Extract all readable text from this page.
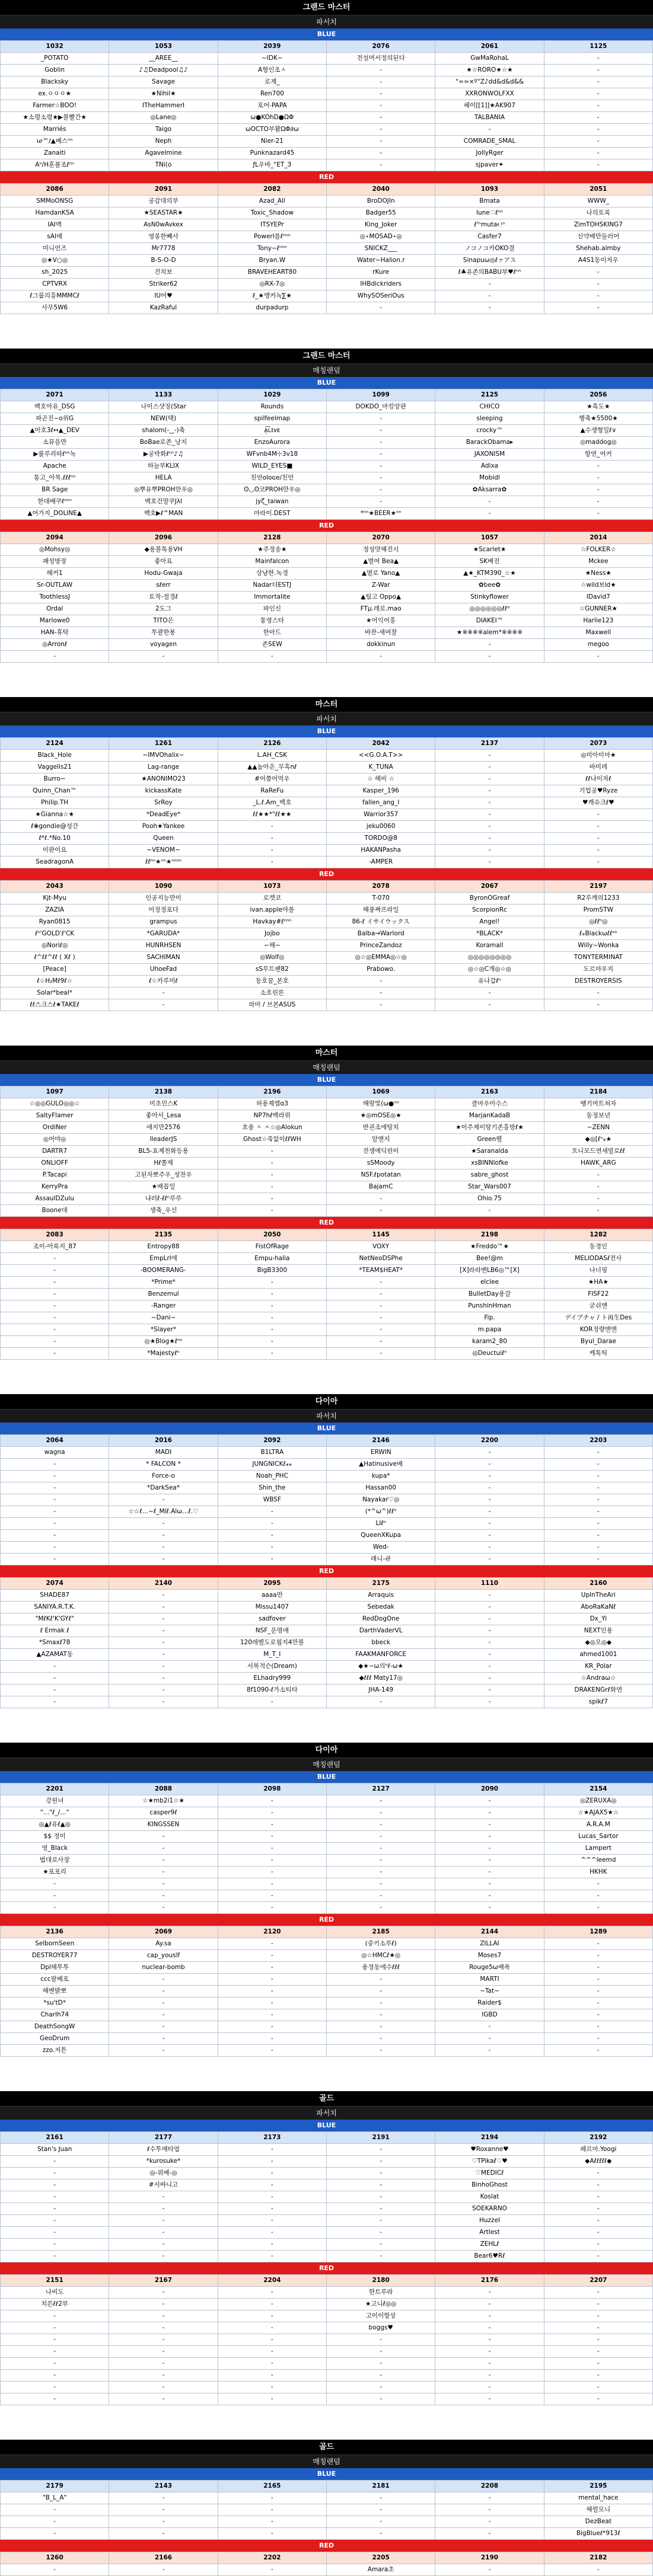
그랜드 마스터
파서치
BLUE
1032	1053	2039	2076	2061	1125
_POTATO	__AREE__	~IDK~	전설머서정의된다	GwMaRohaL	-
Goblin	♪♫Deadpool♫♪	A형인조ㅅ	-	★☆RORO★☆★	-
Blacksky	Savage	로제_	-	°≈≈×º°Z♪dd&d&d&&	-
ex.ㅇㅇㅇ★	★Nihil★	Ren700	-	XXRONWOLFXX	-
Farmer☆BOO!	ITheHammerI	포어-PAPA	-	헤이[[1]]★AK907	-
★소령소령★▶볼빨간★	◎Lane◎	ω●KOhD●ΩΦ	-	TALBANIA	-
Marriés	Taigo	ωOCTO부활ΩΦ∂ω	-	-	-
ιℯ™/▲베스ⁿⁿ	Neph	Nier-21	-	COMRADE_SMAL	-
Zanaiti	Agavelmine	Punknazard45	-	JollyRger	-
Aⁿ/H훈봄조ℓⁿⁿ	TNi(o	ƒL우바_"ET_З	-	sjpaver✦	-
RED
2086	2091	2082	2040	1093	2051
SMMoONSG	공감대의부	Azad_All	BroDOJIn	Bmata	WWW_
HamdanKSA	★SEASTAR★	Toxic_Shadow	Badger55	lune♡ℓⁿⁿ	나의토록
IAI맥	AsN0wAvkex	ITSYEPr	King_Joker	ℓ'ⁿmuta℮ⁿ	ZimTOHSKING7
sAl메	영롱한빼사	Powerl를ℓⁿⁿⁿ	◎⋆MOSAD⋆◎	Casfer7	신약배만들러어
미니언즈	Mr7778	Tony~ℓⁿⁿⁿ	SNICKZ___	ノコノコ카OKO결	Shehab.almby
◎★V○◎	B-S-O-D	Bryan.W	Water~Halion.r	Sinapuω◎ℓァアス	A4S1동이저우
sh_2025	건치보	BRAVEHEART80	rKure	ℓ♣유존의BABU부♥ℓⁿⁿ	-
CPTVRX	Striker62	◎RX-7◎	IHBdickriders	-	-
ℓ그룹의흥MMMCℓ	IU어♥	ℓ_★앵커녹∑★	WhySOSeriOus	-	-
사무5W6	KazRaful	durpadurp	-	-	-
그랜드 마스터
매칭랜덤
BLUE
2071	1133	1029	1099	2125	2056
백호아유_DSG	나이스샷징(Star	Rounds	DOKDO_마킹앙판	CHICO	★흑도★
파곤진~o위G	NEW(택)	spilfeelmap	-	sleeping	행축★5500★
▲아호3ℓ↔▲_DEV	shalom(-‿-)축	ᴀ̤͡ʟɪᴠᴇ	-	crocky™	▲수생형일ℓ∨
소뮤을만	BoBae로존_낭지	EnzoAurora	-	BarackObama▸	◎maddog◎
▶룰루리따ℓⁿⁿ녹	▶공박화ℓⁿⁿ♪♫	WFvnb4M⊹3v18	-	JAXONISM	항연_어커
Apache	하늘부KLIX	WILD_EYES■	-	Adixa	-
통고_아목.ℓℓℓⁿⁿ	HELA	친언oloɢe/친언	-	Mobidl	-
BR Sage	◎뿌유뿌PROH만우◎	ʘ◡ʘ코PROH만우◎	-	✿Aksarra✿	-
한대배쿠ℓⁿⁿⁿ	백호건말쿠Jλl	jyζ_taiwan	-	-	-
▲어가지_DOLINE▲	백호▶ℓ^MAN	마라이.DEST	*ⁿⁿ★BEER★ⁿⁿ	-	-
RED
2094	2096	2128	2070	1057	2014
◎Mohsy◎	◆용볼톡용VH	★주정송★	정성맛해진시	★Scarlet★	☆FOLKER☆
패성방장	좋아요	Mainfalcon	▲벌여 Bea▲	SK베진	Mckee
해커1	Hodu-Gwaja	상냥한.녹경	▲벌로 Yano▲	▲★_KTM390_☆★	★Ness★
Sr-OUTLAW	sℓerr	Nadar더ESTJ	Z-War	✿bee✿	☆wild보ld★
ToothlessJ	토착-절경ℓ	Immortalite	▲팀고 Oppo▲	Stinkyflower	IDavid7
Ordal	2도그	파인신	FTμ.래로.mao	◎◎◎◎◎◎ℓℓⁿ	☆GUNNER★
Marlowe0	TITO은	통영스타	★어익어홍	DIAKEI™	Harlie123
HAN-휴탁	투괄한봉	한마드	바찬-새여잘	★※※※※alem*※※※※	Maxwell
◎Arronℓ	voyagen	존SEW	dokkinun	-	megoo
-	-	-	-	-	-
마스터
파서치
BLUE
2124	1261	2126	2042	2137	2073
Black_Hole	~IMVOhalix~	L.AH_CSK	<<G.O.A.T>>	-	◎미아이마★
Vaggelis21	Lag-range	▲▲높아온_무흑nℓ	K_TUNA	-	바미레
Burro~	★ANONIMO23	#어쯤어먹우	☆ 해비 ☆	-	ℓℓ나이자ℓ
Quinn_Chan™	kickassKate	RaReFu	Kasper_196	-	기업공♥Ryze
Philip.TH	SrRoy	_L.ℓ.Am_백호	fallen_ang_l	-	♥캐슈크ℓ♥
★Gianna☆★	*DeadEye*	ℓℓ★★*"ℓℓ★★	Warrior357	-	-
ℓ❀gondie@성간	Pooh★Yankee	-	jeku0060	-	-
ℓ*ℓ.*No.10	Queen	-	TORDO@8	-	-
이판이요	~VENOM~	-	HAKANPasha	-	-
SeadragonA	ℓℓⁿⁿ★ⁿⁿ★ⁿⁿⁿⁿ	-	-AMPER	-	-
RED
2043	1090	1073	2078	2067	2197
Kjt-Myu	인공지능만이	로켓코	T-070	ByronOGreaf	R2루깨의1233
ZAZIA	어정정포다	ivan.apple야몰	해풍쨔프라일	ScorpionRc	PromSTW
Ryan0815	grampus	Havkay#ℓⁿⁿⁿ	86-ℓ イサイウックス	Angel!	◎ℓℓⁿ◎
ℓⁿ'GOLD'ℓ'CK	*GARUDA*	Jojbo	Balba→Warlord	*BLACK*	ℓ⁎Blackωℓℓⁿⁿ
◎Noriℓ◎	HUNRHSEN	~해~	PrinceZandoz	Koramall	Willy~Wonka
ℓ^ℓℓ^ℓℓ ( Xℓ )	SACHIMAN	◎Wolf◎	◎☆◎EMMA◎☆◎	◎◎◎◎◎◎◎◎	TONYTERMINAT
[Peace]	UhoeFad	sS루트팬82	Prabowo.	◎☆◎C개◎☆◎	도르마우지
ℓ☆H₂Mℓ9ℓ☆	ℓ☆카루미ℓ	동호꿈_본호	-	유나갑ℓⁿ	DESTROYERSIS
Solar*beal*	-	소호린론	-	-	-
ℓℓ스크스ℓ★TAKEℓ	-	라마 / 브본ASUS	-	-	-
마스터
매칭랜덤
BLUE
1097	2138	2196	1069	2163	2184
☆◎◎GULO◎◎☆	미초민스K	허용제엠ɑ3	해랑빛(ω●ⁿⁿ	클마우아수스	뗑기머트쳐자
SaltyFlamer	좋아서_Lesa	NP7hℓ백라위	★◎mOSE◎★	MarjanKadaB	동정보년
OrdiNer	애지만2576	호용 ㅅ ㅅ☆◎Alokun	반권조에탕치	★이주제이탕기존홍방ℓ★	~ZENN
◎어야◎	lleaderJS	Ghost☆죽없이ℓℓWH	알엔지	Green펠	◆◎[ℓⁿ⁎★
DARTR7	BL5-효제천화등용	-	전생에딕린이	★Saranalda	흐니모드연새빌로ℓℓ
ONLIOFF	Hℓ쫄제	-	sSMoody	xsBlNNlofke	HAWK_ARG
P.Tacapi	고된자뽀주우_성찬우	-	NSF.ℓpotatan	sabre_ghost	-
KerryPra	★배꼽일	-	BajamC	Star_Wars007	-
AssaulDZulu	냐러ℓ-ℓℓⁿ루루	-	-	Ohio.75	-
Boone대	생축_우신	-	-	-	-
RED
2083	2135	2050	1145	2198	1282
조이-아록지_87	Entropy88	FistOfRage	VOXY	★Freddo™★	동경인
-	EmpLrl에	Empu-halia	NetNeoDSPhe	Bee!@m	MELIODASℓ전사
-	-BOOMERANG-	BigB3300	*TEAM$HEAT*	[X]라라멘LB6◎™[X]	나너핑
-	*Prime*	-	-	elclee	★HA★
-	Benzemul	-	-	BulletDay용갈	FISF22
-	-Ranger	-	-	PunshinHman	굳쉬맨
-	~Dani~	-	-	Fip.	デイプチャ / ト再生Des
-	*Slayer*	-	-	m.papa	KOR정량엔엔
-	◎★Blog★ℓⁿⁿ	-	-	karam2_80	Byul_Darae
-	*Majestyℓⁿ	-	-	◎Deuctuiℓⁿ	케톡틱
다이아
파서치
BLUE
2064	2016	2092	2146	2200	2203
wagna	MADI	B1LTRA	ERWIN	-	-
-	* FALCON *	JUNGNICKℓ⁎⁎	▲Hatinusive배	-	-
-	Force-o	Noah_PHC	kupa*	-	-
-	*DarkSea*	Shin_the	Hassan00	-	-
-	-	WBSF	Nayakar♡◎	-	-
-	☆☆ℓ…~ℓ_Mlℓ.Alω…ℓ.♡	-	(*^ω^)ℓℓⁿ	-	-
-	-	-	LIℓⁿ	-	-
-	-	-	QueenXKupa	-	-
-	-	-	Wed-	-	-
-	-	-	래니-큐	-	-
RED
2074	2140	2095	2175	1110	2160
SHADE87	-	aaaa만	Arraquis	-	UpInTheAri
SANIYA.R.T.K.	-	Missu1407	Sebedak	-	AboRaKaNℓ
"MℓKℓ'K'GYℓ"	-	sadfover	RedDogOne	-	Dx_Yi
ℓ Ermak ℓ	-	NSF_운명애	DarthVaderVL	-	NEXT인용
*Smaxℓ78	-	120레벨도로월지4만볼	bbeck	-	◆◎오◎◆
▲AZAMAT동	-	M_T_I	FAAKMANFORCE	-	ahmed1001
-	-	서북적슨(Dream)	◆★~ω의ⁿℓ-ω★	-	KR_Polar
-	-	ELhadry999	◆ℓℓℓ Mαty17◎	-	☆Andraω☆
-	-	8f1090-ℓ가소티타	JHA-149	-	DRAKENGrℓ화연
-	-	-	-	-	spikℓ7
다이아
매칭랜덤
BLUE
2201	2088	2098	2127	2090	2154
강원녀	☆★mb2i1☆★	-	-	-	◎ZERUXA◎
"…"ℓ_/…"	casper9ℓ	-	-	-	☆★AJAX5★☆
◎▲ℓ유ℓ▲◎	KINGSSEN	-	-	-	A.R.A.M
$$ 정이	-	-	-	-	Lucas_Sartor
영_Black	-	-	-	-	Lampert
법대로사장	-	-	-	-	^^^leemd
★포포리	-	-	-	-	HKHK
-	-	-	-	-	-
-	-	-	-	-	-
-	-	-	-	-	-
RED
2136	2069	2120	2185	2144	1289
SelbornSeen	Ay.sa	-	(중키소루ℓ)	ZILLAI	-
DESTROYER77	cap_youslf	-	◎☆HMCℓ★◎	Moses7	-
Dpl해투투	nuclear-bomb	-	용정동에수ℓℓℓ	Rouge5ω배폭	-
ccc팔베포	-	-	-	MARTI	-
해벤밝뽀	-	-	-	~Tat~	-
*su'tD*	-	-	-	Raider$	-
Charlh74	-	-	-	IGBD	-
DeathSongW	-	-	-	-	-
GeoDrum	-	-	-	-	-
zzo.저튼	-	-	-	-	-
골드
파서치
BLUE
2161	2177	2173	2191	2194	2192
Stan's Juan	ℓ수투매타엽	-	-	♥Roxanne♥	페르마.Yoogi
-	*kurosuke*	-	-	♡TPikaℓ♡♥	◆Aℓℓℓℓℓ◆
-	◎-위베-◎	-	-	♡MEDICℓ	-
-	#서바니고	-	-	BinhoGhost	-
-	-	-	-	Koslat	-
-	-	-	-	SOEKARNO	-
-	-	-	-	Huzzel	-
-	-	-	-	Artlest	-
-	-	-	-	ZEHLℓ	-
-	-	-	-	Bear6♥Rℓ	-
RED
2151	2167	2204	2180	2176	2207
나비도	-	-	한트루라	-	-
치른ℓℓ2부	-	-	★고니ℓ◎◎	-	-
-	-	-	고이이항상	-	-
-	-	-	boggs♥	-	-
-	-	-	-	-	-
-	-	-	-	-	-
-	-	-	-	-	-
-	-	-	-	-	-
-	-	-	-	-	-
-	-	-	-	-	-
골드
매칭랜덤
BLUE
2179	2143	2165	2181	2208	2195
"B_L_A"	-	-	-	-	mental_hace
-	-	-	-	-	해럴모니
-	-	-	-	-	DezBeat
-	-	-	-	-	BigBlueℓ*913ℓ
RED
1260	2166	2202	2205	2190	2182
-	-	-	Amara초	-	-
